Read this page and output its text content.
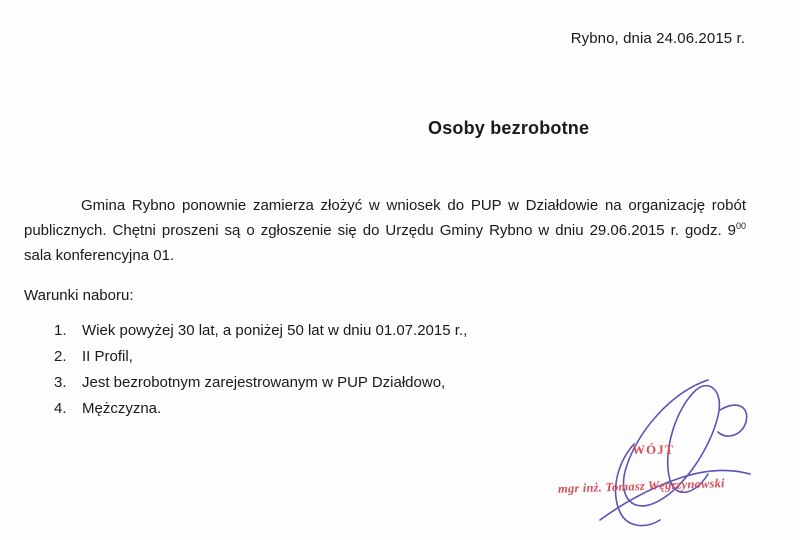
Rybno, dnia 24.06.2015 r.
Osoby bezrobotne

Gmina Rybno ponownie zamierza złożyć w wniosek do PUP w Działdowie na organizację robót publicznych. Chętni proszeni są o zgłoszenie się do Urzędu Gminy Rybno w dniu 29.06.2015 r. godz. $9^{00}$ sala konferencyjna 01.

Warunki naboru:
1.	Wiek powyżej 30 lat, a poniżej 50 lat w dniu 01.07.2015 r.,
2.	II Profil,
3.	Jest bezrobotnym zarejestrowanym w PUP Działdowo,
4.	Mężczyzna.
WÓJT
mgr inż. Tomasz Węgrzynowski
